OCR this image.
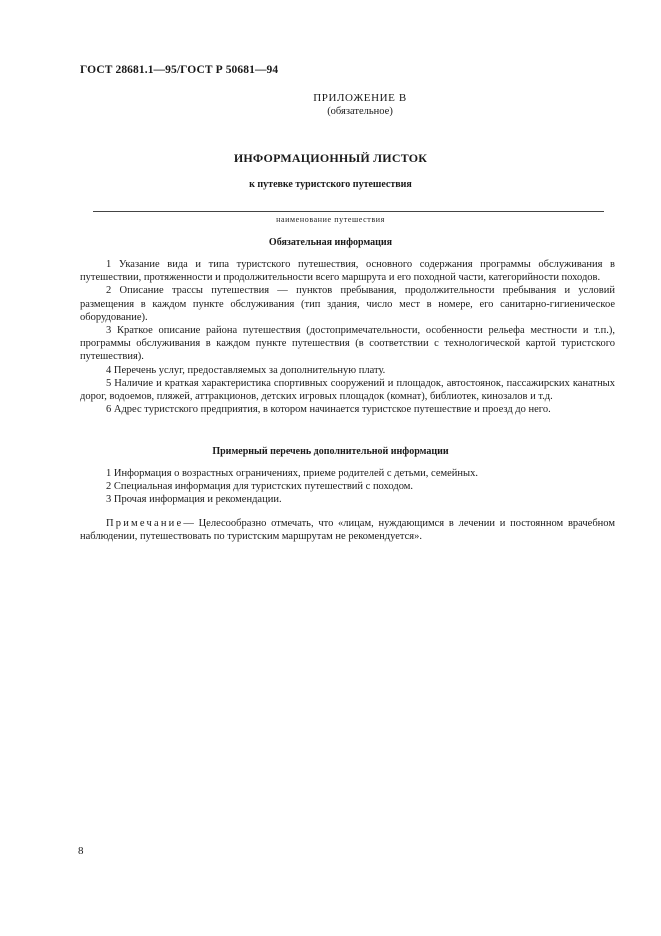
ГОСТ 28681.1—95/ГОСТ Р 50681—94
ПРИЛОЖЕНИЕ В
(обязательное)
ИНФОРМАЦИОННЫЙ ЛИСТОК
к путевке туристского путешествия
наименование путешествия
Обязательная информация

1 Указание вида и типа туристского путешествия, основного содержания программы обслуживания в путешествии, протяженности и продолжительности всего маршрута и его походной части, категорийности походов.

2 Описание трассы путешествия — пунктов пребывания, продолжительности пребывания и условий размещения в каждом пункте обслуживания (тип здания, число мест в номере, его санитарно-гигиеническое оборудование).

3 Краткое описание района путешествия (достопримечательности, особенности рельефа местности и т.п.), программы обслуживания в каждом пункте путешествия (в соответствии с технологической картой туристского путешествия).

4 Перечень услуг, предоставляемых за дополнительную плату.

5 Наличие и краткая характеристика спортивных сооружений и площадок, автостоянок, пассажирских канатных дорог, водоемов, пляжей, аттракционов, детских игровых площадок (комнат), библиотек, кинозалов и т.д.

6 Адрес туристского предприятия, в котором начинается туристское путешествие и проезд до него.

Примерный перечень дополнительной информации

1 Информация о возрастных ограничениях, приеме родителей с детьми, семейных.

2 Специальная информация для туристских путешествий с походом.

3 Прочая информация и рекомендации.

Примечание— Целесообразно отмечать, что «лицам, нуждающимся в лечении и постоянном врачебном наблюдении, путешествовать по туристским маршрутам не рекомендуется».

8
